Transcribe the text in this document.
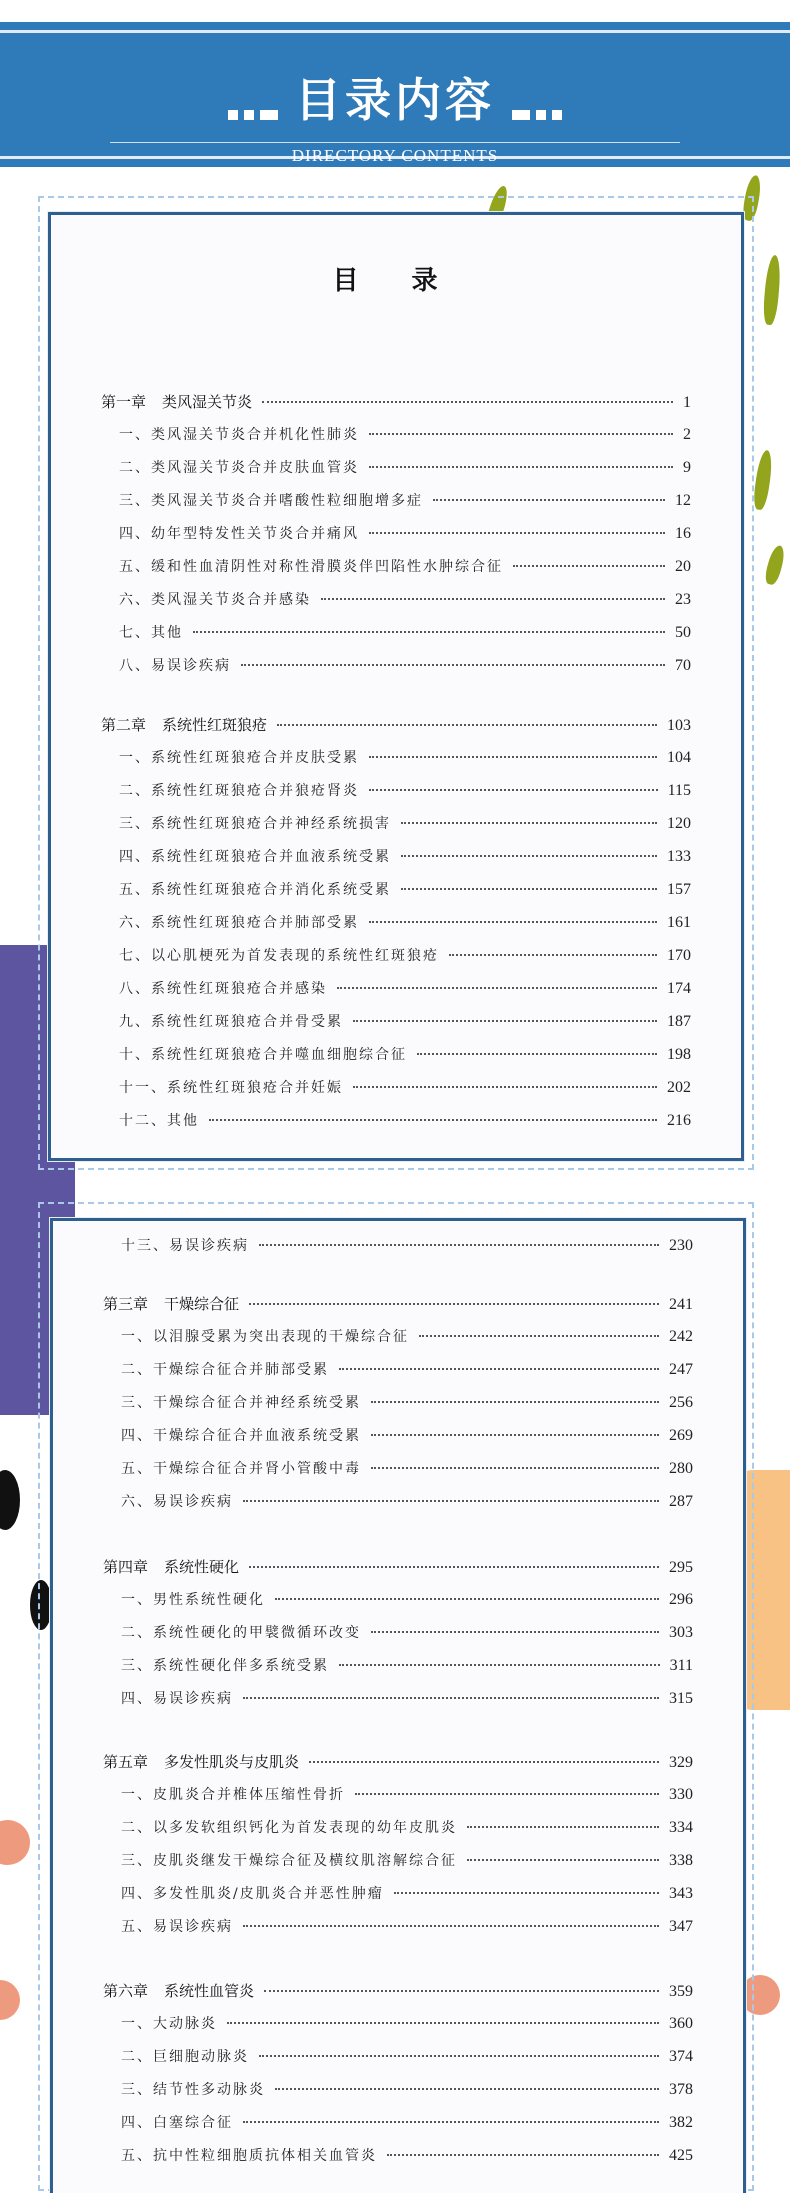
目录内容
DIRECTORY CONTENTS
目 录
第一章 类风湿关节炎	1
一、类风湿关节炎合并机化性肺炎	2
二、类风湿关节炎合并皮肤血管炎	9
三、类风湿关节炎合并嗜酸性粒细胞增多症	12
四、幼年型特发性关节炎合并痛风	16
五、缓和性血清阴性对称性滑膜炎伴凹陷性水肿综合征	20
六、类风湿关节炎合并感染	23
七、其他	50
八、易误诊疾病	70
第二章 系统性红斑狼疮	103
一、系统性红斑狼疮合并皮肤受累	104
二、系统性红斑狼疮合并狼疮肾炎	115
三、系统性红斑狼疮合并神经系统损害	120
四、系统性红斑狼疮合并血液系统受累	133
五、系统性红斑狼疮合并消化系统受累	157
六、系统性红斑狼疮合并肺部受累	161
七、以心肌梗死为首发表现的系统性红斑狼疮	170
八、系统性红斑狼疮合并感染	174
九、系统性红斑狼疮合并骨受累	187
十、系统性红斑狼疮合并噬血细胞综合征	198
十一、系统性红斑狼疮合并妊娠	202
十二、其他	216
十三、易误诊疾病	230
第三章 干燥综合征	241
一、以泪腺受累为突出表现的干燥综合征	242
二、干燥综合征合并肺部受累	247
三、干燥综合征合并神经系统受累	256
四、干燥综合征合并血液系统受累	269
五、干燥综合征合并肾小管酸中毒	280
六、易误诊疾病	287
第四章 系统性硬化	295
一、男性系统性硬化	296
二、系统性硬化的甲襞微循环改变	303
三、系统性硬化伴多系统受累	311
四、易误诊疾病	315
第五章 多发性肌炎与皮肌炎	329
一、皮肌炎合并椎体压缩性骨折	330
二、以多发软组织钙化为首发表现的幼年皮肌炎	334
三、皮肌炎继发干燥综合征及横纹肌溶解综合征	338
四、多发性肌炎/皮肌炎合并恶性肿瘤	343
五、易误诊疾病	347
第六章 系统性血管炎	359
一、大动脉炎	360
二、巨细胞动脉炎	374
三、结节性多动脉炎	378
四、白塞综合征	382
五、抗中性粒细胞质抗体相关血管炎	425
